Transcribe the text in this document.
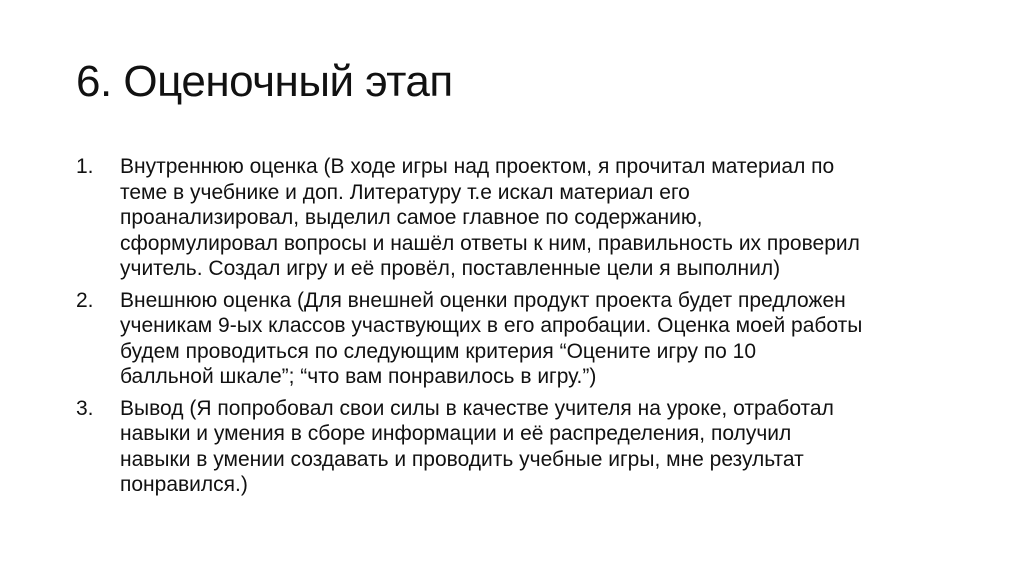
6. Оценочный этап
1. Внутреннюю оценка (В ходе игры над проектом, я прочитал материал по
теме в учебнике и доп. Литературу т.е искал материал его
проанализировал, выделил самое главное по содержанию,
сформулировал вопросы и нашёл ответы к ним, правильность их проверил
учитель. Создал игру и её провёл, поставленные цели я выполнил)
2. Внешнюю оценка (Для внешней оценки продукт проекта будет предложен
ученикам 9-ых классов участвующих в его апробации. Оценка моей работы
будем проводиться по следующим критерия “Оцените игру по 10
балльной шкале”; “что вам понравилось в игру.”)
3. Вывод (Я попробовал свои силы в качестве учителя на уроке, отработал
навыки и умения в сборе информации и её распределения, получил
навыки в умении создавать и проводить учебные игры, мне результат
понравился.)
